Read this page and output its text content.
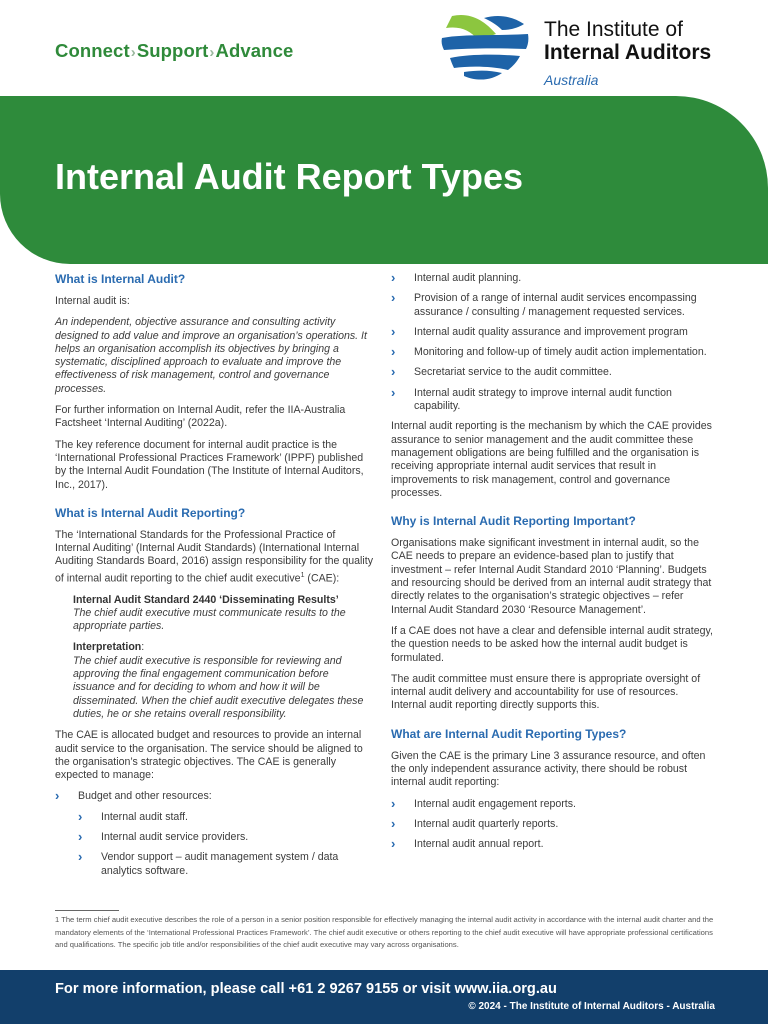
Connect›Support›Advance
The Institute of
Internal Auditors
Australia
Internal Audit Report Types
What is Internal Audit?

Internal audit is:

An independent, objective assurance and consulting activity designed to add value and improve an organisation’s operations. It helps an organisation accomplish its objectives by bringing a systematic, disciplined approach to evaluate and improve the effectiveness of risk management, control and governance processes.

For further information on Internal Audit, refer the IIA-Australia Factsheet ‘Internal Auditing’ (2022a).

The key reference document for internal audit practice is the ‘International Professional Practices Framework’ (IPPF) published by the Internal Audit Foundation (The Institute of Internal Auditors, Inc., 2017).

What is Internal Audit Reporting?

The ‘International Standards for the Professional Practice of Internal Auditing’ (Internal Audit Standards) (International Internal Auditing Standards Board, 2016) assign responsibility for the quality of internal audit reporting to the chief audit executive$^1$ (CAE):

Internal Audit Standard 2440 ‘Disseminating Results’
The chief audit executive must communicate results to the appropriate parties.
Interpretation:
The chief audit executive is responsible for reviewing and approving the final engagement communication before issuance and for deciding to whom and how it will be disseminated. When the chief audit executive delegates these duties, he or she retains overall responsibility.

The CAE is allocated budget and resources to provide an internal audit service to the organisation. The service should be aligned to the organisation’s strategic objectives. The CAE is generally expected to manage:

› Budget and other resources:
› Internal audit staff.
› Internal audit service providers.
› Vendor support – audit management system / data analytics software.
› Internal audit planning.
› Provision of a range of internal audit services encompassing assurance / consulting / management requested services.
› Internal audit quality assurance and improvement program
› Monitoring and follow-up of timely audit action implementation.
› Secretariat service to the audit committee.
› Internal audit strategy to improve internal audit function capability.

Internal audit reporting is the mechanism by which the CAE provides assurance to senior management and the audit committee these management obligations are being fulfilled and the organisation is receiving appropriate internal audit services that result in improvements to risk management, control and governance processes.

Why is Internal Audit Reporting Important?

Organisations make significant investment in internal audit, so the CAE needs to prepare an evidence-based plan to justify that investment – refer Internal Audit Standard 2010 ‘Planning’. Budgets and resourcing should be derived from an internal audit strategy that directly relates to the organisation’s strategic objectives – refer Internal Audit Standard 2030 ‘Resource Management’.

If a CAE does not have a clear and defensible internal audit strategy, the question needs to be asked how the internal audit budget is formulated.

The audit committee must ensure there is appropriate oversight of internal audit delivery and accountability for use of resources. Internal audit reporting directly supports this.

What are Internal Audit Reporting Types?

Given the CAE is the primary Line 3 assurance resource, and often the only independent assurance activity, there should be robust internal audit reporting:

› Internal audit engagement reports.
› Internal audit quarterly reports.
› Internal audit annual report.
1 The term chief audit executive describes the role of a person in a senior position responsible for effectively managing the internal audit activity in accordance with the internal audit charter and the mandatory elements of the ‘International Professional Practices Framework’. The chief audit executive or others reporting to the chief audit executive will have appropriate professional certifications and qualifications. The specific job title and/or responsibilities of the chief audit executive may vary across organisations.
For more information, please call +61 2 9267 9155 or visit www.iia.org.au
© 2024 - The Institute of Internal Auditors - Australia
